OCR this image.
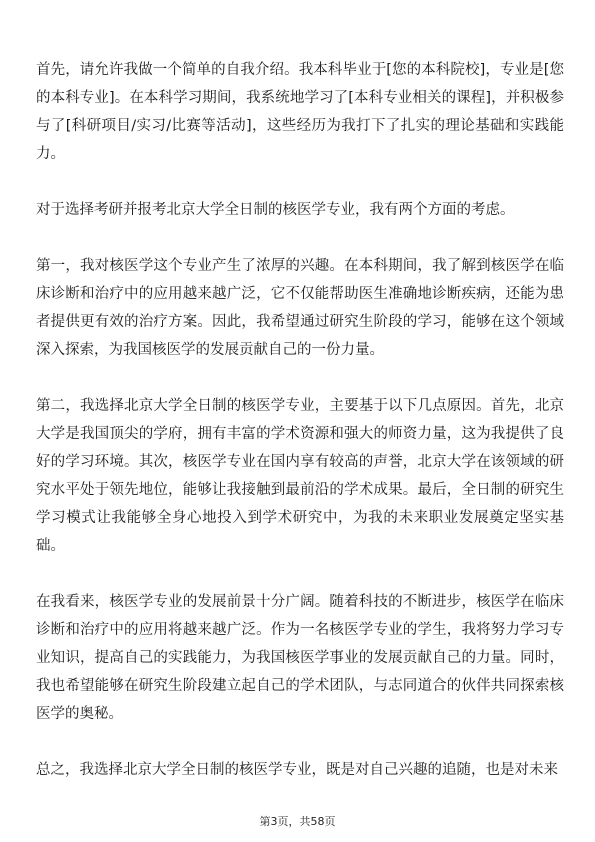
首先，请允许我做一个简单的自我介绍。我本科毕业于[您的本科院校]，专业是[您的本科专业]。在本科学习期间，我系统地学习了[本科专业相关的课程]，并积极参与了[科研项目/实习/比赛等活动]，这些经历为我打下了扎实的理论基础和实践能力。

对于选择考研并报考北京大学全日制的核医学专业，我有两个方面的考虑。

第一，我对核医学这个专业产生了浓厚的兴趣。在本科期间，我了解到核医学在临床诊断和治疗中的应用越来越广泛，它不仅能帮助医生准确地诊断疾病，还能为患者提供更有效的治疗方案。因此，我希望通过研究生阶段的学习，能够在这个领域深入探索，为我国核医学的发展贡献自己的一份力量。

第二，我选择北京大学全日制的核医学专业，主要基于以下几点原因。首先，北京大学是我国顶尖的学府，拥有丰富的学术资源和强大的师资力量，这为我提供了良好的学习环境。其次，核医学专业在国内享有较高的声誉，北京大学在该领域的研究水平处于领先地位，能够让我接触到最前沿的学术成果。最后，全日制的研究生学习模式让我能够全身心地投入到学术研究中，为我的未来职业发展奠定坚实基础。

在我看来，核医学专业的发展前景十分广阔。随着科技的不断进步，核医学在临床诊断和治疗中的应用将越来越广泛。作为一名核医学专业的学生，我将努力学习专业知识，提高自己的实践能力，为我国核医学事业的发展贡献自己的力量。同时，我也希望能够在研究生阶段建立起自己的学术团队，与志同道合的伙伴共同探索核医学的奥秘。

总之，我选择北京大学全日制的核医学专业，既是对自己兴趣的追随，也是对未来

第3页，共58页
